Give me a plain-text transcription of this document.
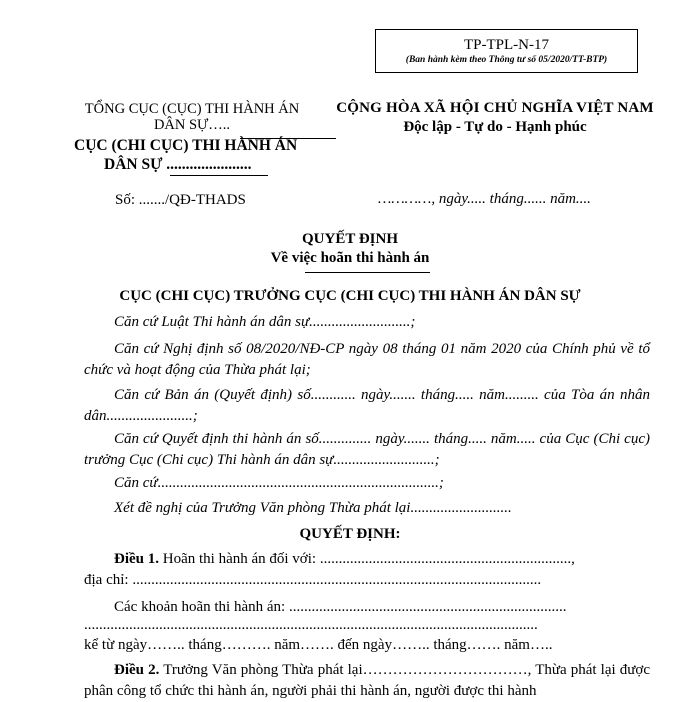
TP-TPL-N-17
(Ban hành kèm theo Thông tư số 05/2020/TT-BTP)
TỔNG CỤC (CỤC) THI HÀNH ÁN
DÂN SỰ…..
CỤC (CHI CỤC) THI HÀNH ÁN
DÂN SỰ ......................
CỘNG HÒA XÃ HỘI CHỦ NGHĨA VIỆT NAM
Độc lập - Tự do - Hạnh phúc
Số: ......./QĐ-THADS	…………, ngày..... tháng...... năm....
QUYẾT ĐỊNH
Về việc hoãn thi hành án
CỤC (CHI CỤC) TRƯỞNG CỤC (CHI CỤC) THI HÀNH ÁN DÂN SỰ
Căn cứ Luật Thi hành án dân sự...........................;
Căn cứ Nghị định số 08/2020/NĐ-CP ngày 08 tháng 01 năm 2020 của Chính phủ về tổ chức và hoạt động của Thừa phát lại;
Căn cứ Bản án (Quyết định) số............ ngày....... tháng..... năm......... của Tòa án nhân dân.......................;
Căn cứ Quyết định thi hành án số.............. ngày....... tháng..... năm..... của Cục (Chi cục) trưởng Cục (Chi cục) Thi hành án dân sự...........................;
Căn cứ...........................................................................;
Xét đề nghị của Trưởng Văn phòng Thừa phát lại...........................
QUYẾT ĐỊNH:
Điều 1. Hoãn thi hành án đối với: ...................................................................,
địa chỉ: .............................................................................................................
Các khoản hoãn thi hành án: ..........................................................................
.........................................................................................................................
kể từ ngày…….. tháng………. năm……. đến ngày…….. tháng……. năm…..
Điều 2. Trưởng Văn phòng Thừa phát lại……………………………, Thừa phát lại được phân công tổ chức thi hành án, người phải thi hành án, người được thi hành
